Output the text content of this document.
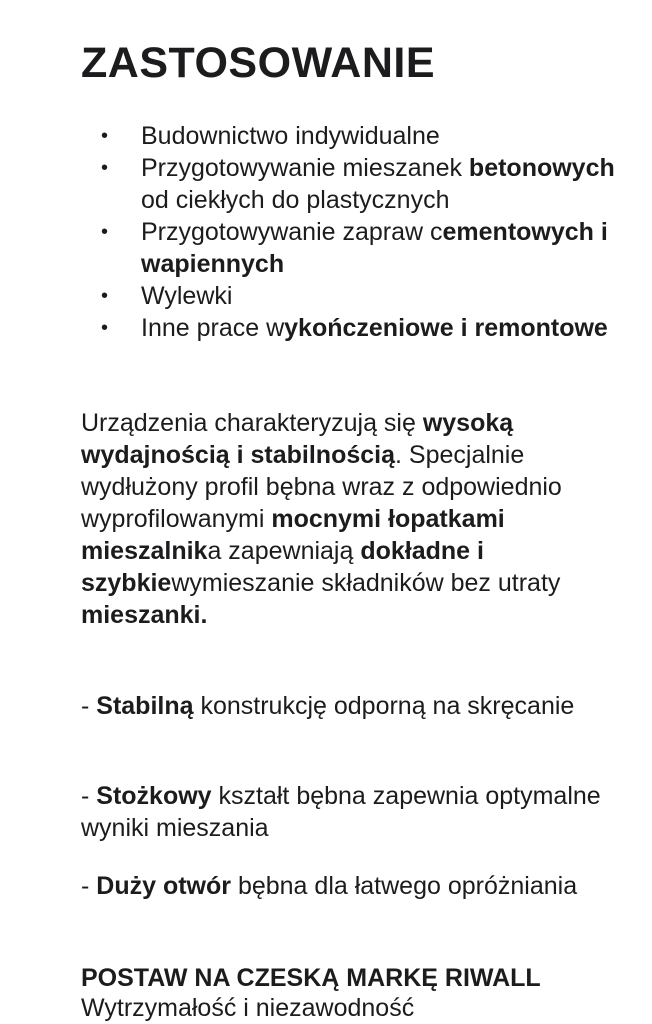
ZASTOSOWANIE
• Budownictwo indywidualne
• Przygotowywanie mieszanek betonowych od ciekłych do plastycznych
• Przygotowywanie zapraw cementowych i wapiennych
• Wylewki
• Inne prace wykończeniowe i remontowe

Urządzenia charakteryzują się wysoką wydajnością i stabilnością. Specjalnie wydłużony profil bębna wraz z odpowiednio wyprofilowanymi mocnymi łopatkami mieszalnika zapewniają dokładne i szybkiewymieszanie składników bez utraty mieszanki.

- Stabilną konstrukcję odporną na skręcanie

- Stożkowy kształt bębna zapewnia optymalne wyniki mieszania

- Duży otwór bębna dla łatwego opróżniania

POSTAW NA CZESKĄ MARKĘ RIWALL

Wytrzymałość i niezawodność
